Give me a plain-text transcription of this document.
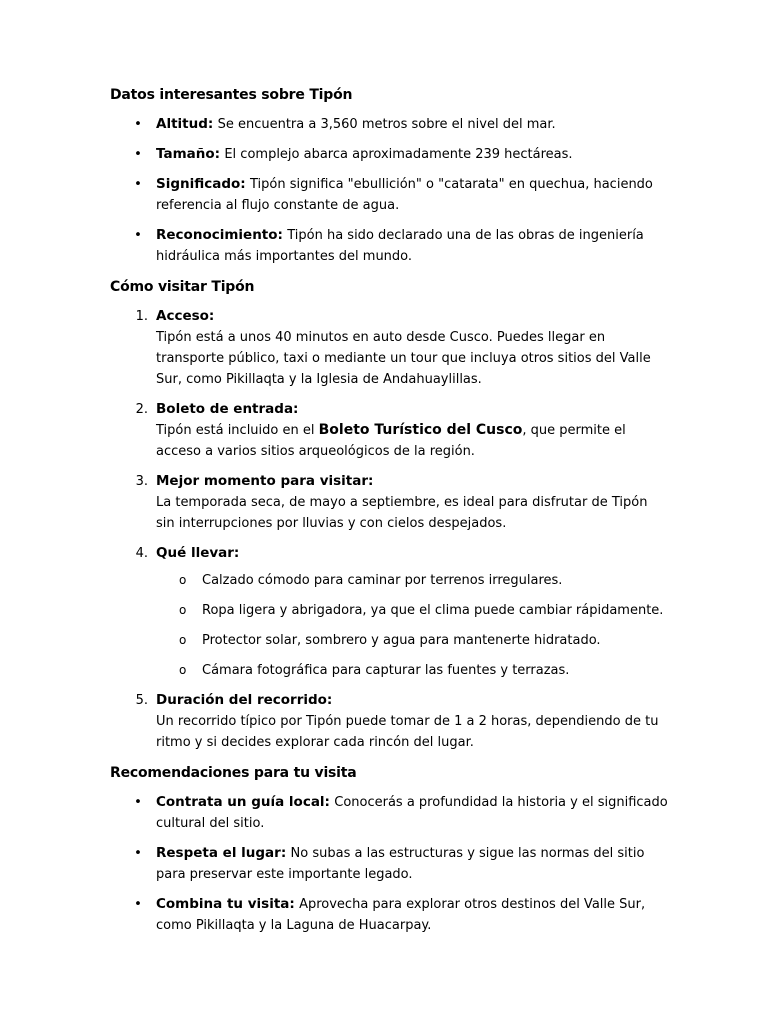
Datos interesantes sobre Tipón
•	Altitud: Se encuentra a 3,560 metros sobre el nivel del mar.
•	Tamaño: El complejo abarca aproximadamente 239 hectáreas.
•	Significado: Tipón significa "ebullición" o "catarata" en quechua, haciendo referencia al flujo constante de agua.
•	Reconocimiento: Tipón ha sido declarado una de las obras de ingeniería hidráulica más importantes del mundo.
Cómo visitar Tipón
1. Acceso:
Tipón está a unos 40 minutos en auto desde Cusco. Puedes llegar en transporte público, taxi o mediante un tour que incluya otros sitios del Valle Sur, como Pikillaqta y la Iglesia de Andahuaylillas.
2. Boleto de entrada:
Tipón está incluido en el Boleto Turístico del Cusco, que permite el acceso a varios sitios arqueológicos de la región.
3. Mejor momento para visitar:
La temporada seca, de mayo a septiembre, es ideal para disfrutar de Tipón sin interrupciones por lluvias y con cielos despejados.
4. Qué llevar:
o Calzado cómodo para caminar por terrenos irregulares.
o Ropa ligera y abrigadora, ya que el clima puede cambiar rápidamente.
o Protector solar, sombrero y agua para mantenerte hidratado.
o Cámara fotográfica para capturar las fuentes y terrazas.
5. Duración del recorrido:
Un recorrido típico por Tipón puede tomar de 1 a 2 horas, dependiendo de tu ritmo y si decides explorar cada rincón del lugar.
Recomendaciones para tu visita
•	Contrata un guía local: Conocerás a profundidad la historia y el significado cultural del sitio.
•	Respeta el lugar: No subas a las estructuras y sigue las normas del sitio para preservar este importante legado.
•	Combina tu visita: Aprovecha para explorar otros destinos del Valle Sur, como Pikillaqta y la Laguna de Huacarpay.
